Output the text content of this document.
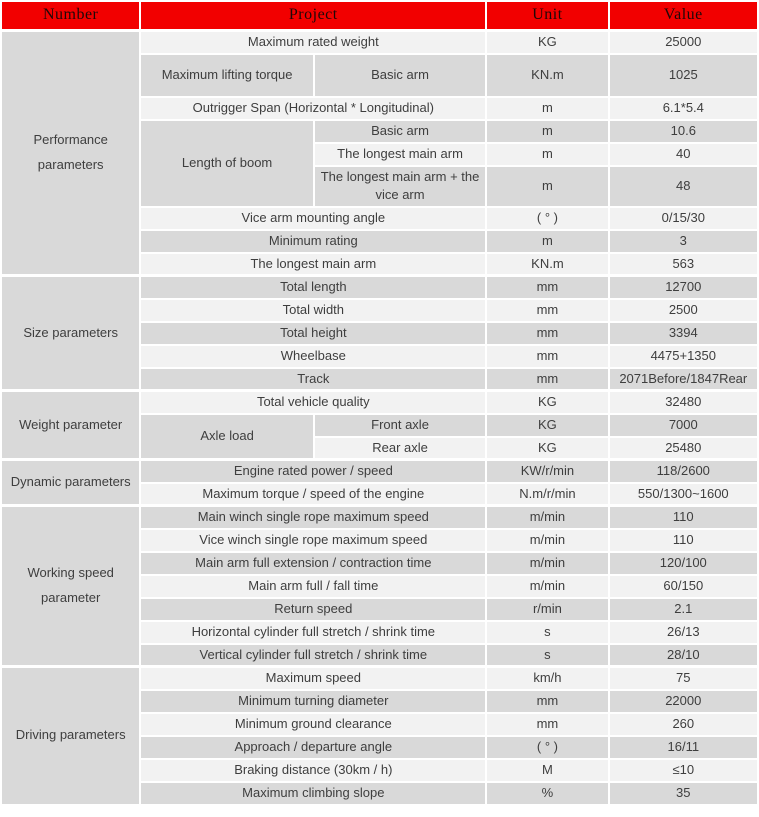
Number	Project		Unit	Value
Performance parameters	Maximum rated weight		KG	25000
	Maximum lifting torque	Basic arm	KN.m	1025
	Outrigger Span (Horizontal * Longitudinal)		m	6.1*5.4
	Length of boom	Basic arm	m	10.6
		The longest main arm	m	40
		The longest main arm + the vice arm	m	48
	Vice arm mounting angle		( ° )	0/15/30
	Minimum rating		m	3
	The longest main arm		KN.m	563
Size parameters	Total length		mm	12700
	Total width		mm	2500
	Total height		mm	3394
	Wheelbase		mm	4475+1350
	Track		mm	2071Before/1847Rear
Weight parameter	Total vehicle quality		KG	32480
	Axle load	Front axle	KG	7000
		Rear axle	KG	25480
Dynamic parameters	Engine rated power / speed		KW/r/min	118/2600
	Maximum torque / speed of the engine		N.m/r/min	550/1300~1600
Working speed parameter	Main winch single rope maximum speed		m/min	110
	Vice winch single rope maximum speed		m/min	110
	Main arm full extension / contraction time		m/min	120/100
	Main arm full / fall time		m/min	60/150
	Return speed		r/min	2.1
	Horizontal cylinder full stretch / shrink time		s	26/13
	Vertical cylinder full stretch / shrink time		s	28/10
Driving parameters	Maximum speed		km/h	75
	Minimum turning diameter		mm	22000
	Minimum ground clearance		mm	260
	Approach / departure angle		( ° )	16/11
	Braking distance (30km / h)		M	≤10
	Maximum climbing slope		%	35
